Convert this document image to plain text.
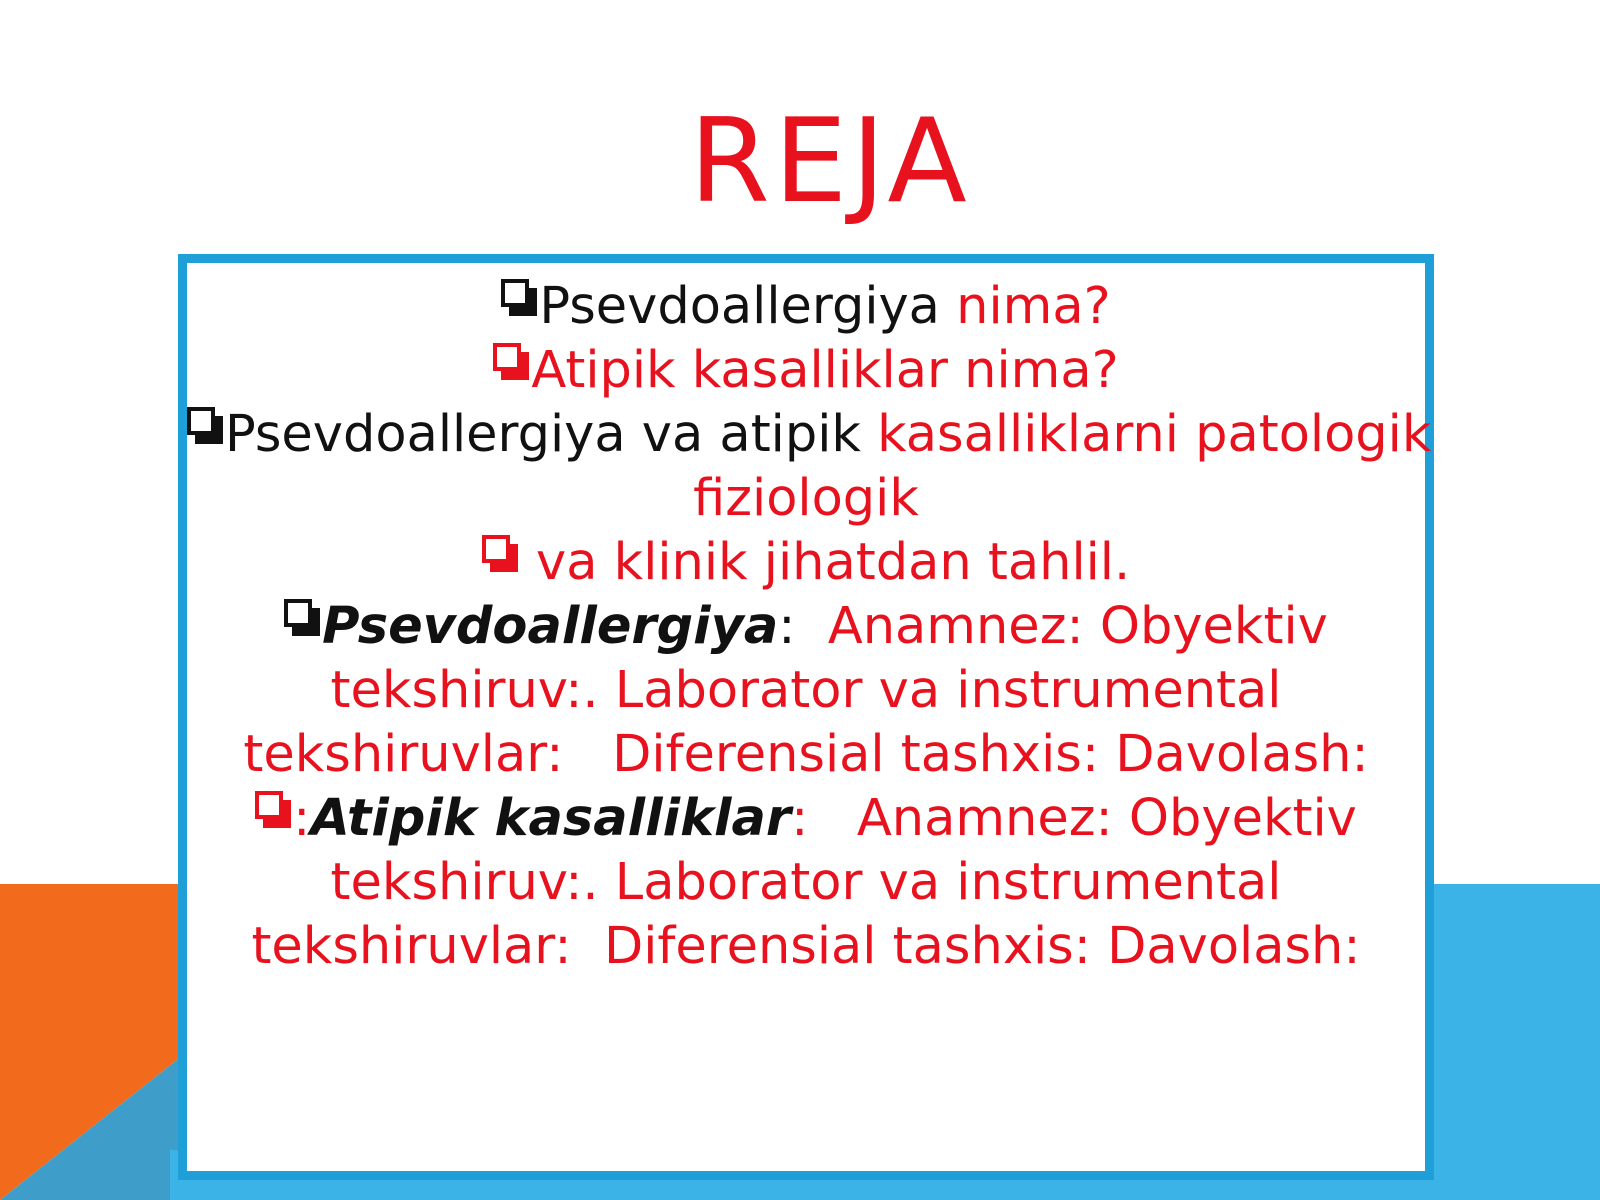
REJA
Psevdoallergiya nima?
Atipik kasalliklar nima?
Psevdoallergiya va atipik kasalliklarni patologik
fiziologik
va klinik jihatdan tahlil.
Psevdoallergiya:  Anamnez: Obyektiv
tekshiruv:. Laborator va instrumental
tekshiruvlar:   Diferensial tashxis: Davolash:
:Atipik kasalliklar:   Anamnez: Obyektiv
tekshiruv:. Laborator va instrumental
tekshiruvlar:  Diferensial tashxis: Davolash:
